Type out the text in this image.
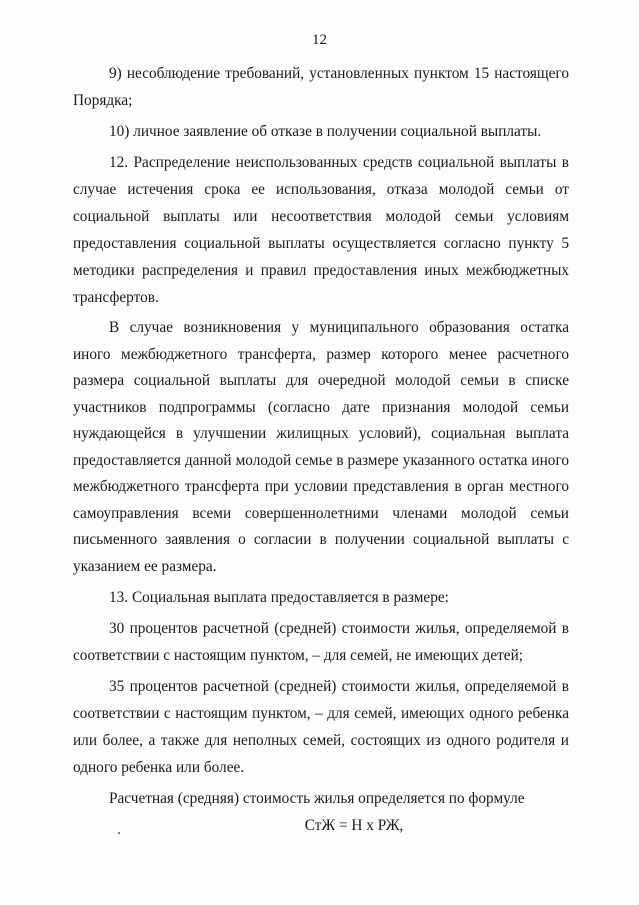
12

9) несоблюдение требований, установленных пунктом 15 настоящего Порядка;

10) личное заявление об отказе в получении социальной выплаты.

12. Распределение неиспользованных средств социальной выплаты в случае истечения срока ее использования, отказа молодой семьи от социальной выплаты или несоответствия молодой семьи условиям предоставления социальной выплаты осуществляется согласно пункту 5 методики распределения и правил предоставления иных межбюджетных трансфертов.

В случае возникновения у муниципального образования остатка иного межбюджетного трансферта, размер которого менее расчетного размера социальной выплаты для очередной молодой семьи в списке участников подпрограммы (согласно дате признания молодой семьи нуждающейся в улучшении жилищных условий), социальная выплата предоставляется данной молодой семье в размере указанного остатка иного межбюджетного трансферта при условии представления в орган местного самоуправления всеми совершеннолетними членами молодой семьи письменного заявления о согласии в получении социальной выплаты с указанием ее размера.

13. Социальная выплата предоставляется в размере:

30 процентов расчетной (средней) стоимости жилья, определяемой в соответствии с настоящим пунктом, – для семей, не имеющих детей;

35 процентов расчетной (средней) стоимости жилья, определяемой в соответствии с настоящим пунктом, – для семей, имеющих одного ребенка или более, а также для неполных семей, состоящих из одного родителя и одного ребенка или более.

Расчетная (средняя) стоимость жилья определяется по формуле

СтЖ = Н х РЖ,
